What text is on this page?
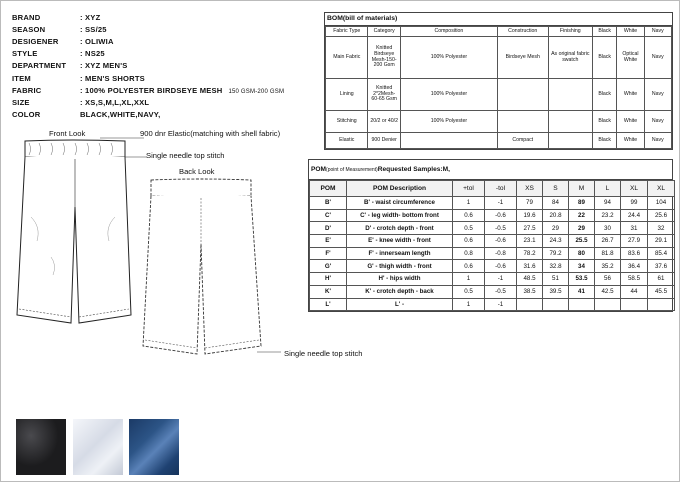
BRAND	: XYZ
SEASON	: SS/25
DESIGENER	: OLIWIA
STYLE	: NS25
DEPARTMENT	: XYZ MEN'S
ITEM	: MEN'S SHORTS
FABRIC	: 100% POLYESTER BIRDSEYE MESH 150 GSM-200 GSM
SIZE	: XS,S,M,L,XL,XXL
COLOR	BLACK,WHITE,NAVY,
Front Look	900 dnr Elastic(matching with shell fabric)
Single needle top stitch
Back Look
Single needle top stitch
BOM(bill of materials)
Fabric Type	Category	Composition	Construction	Finishing	Black	White	Navy
Main Fabric	Knitted Birdseye Mesh-150-200 Gsm	100% Polyester	Birdseye Mesh	As original fabric swatch	Black	Optical White	Navy
Lining	Knitted 2*2Mesh-60-65 Gsm	100% Polyester			Black	White	Navy
Stitching	20/2 or 40/2	100% Polyester			Black	White	Navy
Elastic	900 Denier		Compact		Black	White	Navy
POM (point of Measurement) Requested Samples:M,
POM	POM Description	+tol	-tol	XS	S	M	L	XL	XL
B'	B' - waist circumference	1	-1	79	84	89	94	99	104
C'	C' - leg width- bottom front	0.6	-0.6	19.6	20.8	22	23.2	24.4	25.6
D'	D' - crotch depth - front	0.5	-0.5	27.5	29	29	30	31	32
E'	E' - knee width - front	0.6	-0.6	23.1	24.3	25.5	26.7	27.9	29.1
F'	F' - innerseam length	0.8	-0.8	78.2	79.2	80	81.8	83.6	85.4
G'	G' - thigh width - front	0.6	-0.6	31.6	32.8	34	35.2	36.4	37.6
H'	H' - hips width	1	-1	48.5	51	53.5	56	58.5	61
K'	K' - crotch depth - back	0.5	-0.5	38.5	39.5	41	42.5	44	45.5
L'	L' -	1	-1						
